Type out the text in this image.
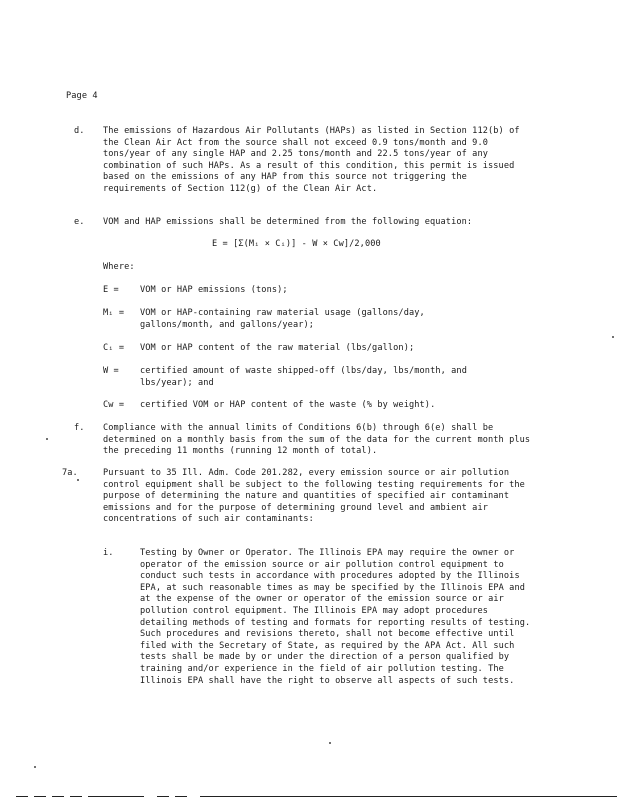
Page 4
d. The emissions of Hazardous Air Pollutants (HAPs) as listed in Section 112(b) of the Clean Air Act from the source shall not exceed 0.9 tons/month and 9.0 tons/year of any single HAP and 2.25 tons/month and 22.5 tons/year of any combination of such HAPs. As a result of this condition, this permit is issued based on the emissions of any HAP from this source not triggering the requirements of Section 112(g) of the Clean Air Act.
e. VOM and HAP emissions shall be determined from the following equation:
E = [Σ(Mᵢ × Cᵢ)] - W × Cw]/2,000
Where:
E = VOM or HAP emissions (tons);
Mᵢ = VOM or HAP-containing raw material usage (gallons/day, gallons/month, and gallons/year);
Cᵢ = VOM or HAP content of the raw material (lbs/gallon);
W = certified amount of waste shipped-off (lbs/day, lbs/month, and lbs/year); and
Cw = certified VOM or HAP content of the waste (% by weight).
f. Compliance with the annual limits of Conditions 6(b) through 6(e) shall be determined on a monthly basis from the sum of the data for the current month plus the preceding 11 months (running 12 month of total).
7a.	Pursuant to 35 Ill. Adm. Code 201.282, every emission source or air pollution control equipment shall be subject to the following testing requirements for the purpose of determining the nature and quantities of specified air contaminant emissions and for the purpose of determining ground level and ambient air concentrations of such air contaminants:
i.	Testing by Owner or Operator. The Illinois EPA may require the owner or operator of the emission source or air pollution control equipment to conduct such tests in accordance with procedures adopted by the Illinois EPA, at such reasonable times as may be specified by the Illinois EPA and at the expense of the owner or operator of the emission source or air pollution control equipment. The Illinois EPA may adopt procedures detailing methods of testing and formats for reporting results of testing. Such procedures and revisions thereto, shall not become effective until filed with the Secretary of State, as required by the APA Act. All such tests shall be made by or under the direction of a person qualified by training and/or experience in the field of air pollution testing. The Illinois EPA shall have the right to observe all aspects of such tests.
